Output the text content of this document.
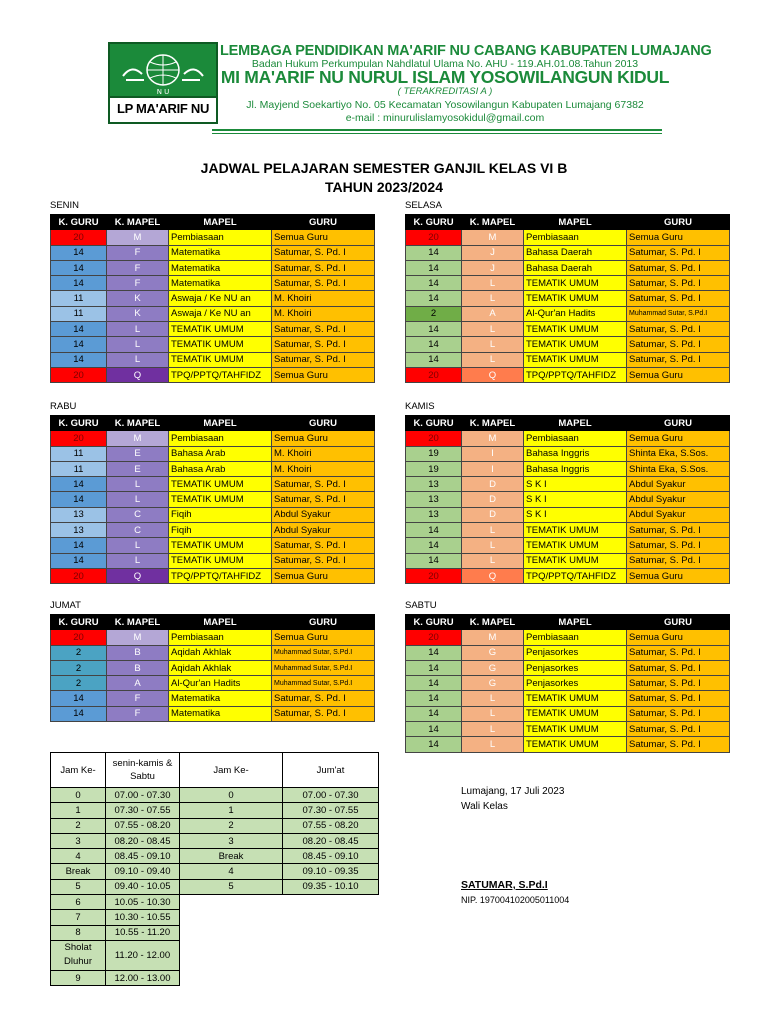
N U
LP MA'ARIF NU
LEMBAGA PENDIDIKAN MA'ARIF NU CABANG KABUPATEN LUMAJANG
Badan Hukum Perkumpulan Nahdlatul Ulama No. AHU - 119.AH.01.08.Tahun 2013
MI MA'ARIF NU NURUL ISLAM YOSOWILANGUN KIDUL
( TERAKREDITASI A )
Jl. Mayjend Soekartiyo No. 05 Kecamatan Yosowilangun Kabupaten Lumajang 67382
e-mail : minurulislamyosokidul@gmail.com
JADWAL PELAJARAN SEMESTER GANJIL KELAS VI B
TAHUN 2023/2024
SENIN
K. GURU	K. MAPEL	MAPEL	GURU
20	M	Pembiasaan	Semua Guru
14	F	Matematika	Satumar, S. Pd. I
14	F	Matematika	Satumar, S. Pd. I
14	F	Matematika	Satumar, S. Pd. I
11	K	Aswaja / Ke NU an	M. Khoiri
11	K	Aswaja / Ke NU an	M. Khoiri
14	L	TEMATIK UMUM	Satumar, S. Pd. I
14	L	TEMATIK UMUM	Satumar, S. Pd. I
14	L	TEMATIK UMUM	Satumar, S. Pd. I
20	Q	TPQ/PPTQ/TAHFIDZ	Semua Guru
SELASA
K. GURU	K. MAPEL	MAPEL	GURU
20	M	Pembiasaan	Semua Guru
14	J	Bahasa Daerah	Satumar, S. Pd. I
14	J	Bahasa Daerah	Satumar, S. Pd. I
14	L	TEMATIK UMUM	Satumar, S. Pd. I
14	L	TEMATIK UMUM	Satumar, S. Pd. I
2	A	Al-Qur'an Hadits	Muhammad Sutar, S.Pd.I
14	L	TEMATIK UMUM	Satumar, S. Pd. I
14	L	TEMATIK UMUM	Satumar, S. Pd. I
14	L	TEMATIK UMUM	Satumar, S. Pd. I
20	Q	TPQ/PPTQ/TAHFIDZ	Semua Guru
RABU
K. GURU	K. MAPEL	MAPEL	GURU
20	M	Pembiasaan	Semua Guru
11	E	Bahasa Arab	M. Khoiri
11	E	Bahasa Arab	M. Khoiri
14	L	TEMATIK UMUM	Satumar, S. Pd. I
14	L	TEMATIK UMUM	Satumar, S. Pd. I
13	C	Fiqih	Abdul Syakur
13	C	Fiqih	Abdul Syakur
14	L	TEMATIK UMUM	Satumar, S. Pd. I
14	L	TEMATIK UMUM	Satumar, S. Pd. I
20	Q	TPQ/PPTQ/TAHFIDZ	Semua Guru
KAMIS
K. GURU	K. MAPEL	MAPEL	GURU
20	M	Pembiasaan	Semua Guru
19	I	Bahasa Inggris	Shinta Eka, S.Sos.
19	I	Bahasa Inggris	Shinta Eka, S.Sos.
13	D	S K I	Abdul Syakur
13	D	S K I	Abdul Syakur
13	D	S K I	Abdul Syakur
14	L	TEMATIK UMUM	Satumar, S. Pd. I
14	L	TEMATIK UMUM	Satumar, S. Pd. I
14	L	TEMATIK UMUM	Satumar, S. Pd. I
20	Q	TPQ/PPTQ/TAHFIDZ	Semua Guru
JUMAT
K. GURU	K. MAPEL	MAPEL	GURU
20	M	Pembiasaan	Semua Guru
2	B	Aqidah Akhlak	Muhammad Sutar, S.Pd.I
2	B	Aqidah Akhlak	Muhammad Sutar, S.Pd.I
2	A	Al-Qur'an Hadits	Muhammad Sutar, S.Pd.I
14	F	Matematika	Satumar, S. Pd. I
14	F	Matematika	Satumar, S. Pd. I
SABTU
K. GURU	K. MAPEL	MAPEL	GURU
20	M	Pembiasaan	Semua Guru
14	G	Penjasorkes	Satumar, S. Pd. I
14	G	Penjasorkes	Satumar, S. Pd. I
14	G	Penjasorkes	Satumar, S. Pd. I
14	L	TEMATIK UMUM	Satumar, S. Pd. I
14	L	TEMATIK UMUM	Satumar, S. Pd. I
14	L	TEMATIK UMUM	Satumar, S. Pd. I
14	L	TEMATIK UMUM	Satumar, S. Pd. I
Jam Ke-	senin-kamis & Sabtu	Jam Ke-	Jum'at
0	07.00 - 07.30	0	07.00 - 07.30
1	07.30 - 07.55	1	07.30 - 07.55
2	07.55 - 08.20	2	07.55 - 08.20
3	08.20 - 08.45	3	08.20 - 08.45
4	08.45 - 09.10	Break	08.45 - 09.10
Break	09.10 - 09.40	4	09.10 - 09.35
5	09.40 - 10.05	5	09.35 - 10.10
6	10.05 - 10.30		
7	10.30 - 10.55		
8	10.55 - 11.20		
Sholat Dluhur	11.20 - 12.00		
9	12.00 - 13.00		
Lumajang, 17 Juli 2023
Wali Kelas
SATUMAR, S.Pd.I
NIP. 197004102005011004
